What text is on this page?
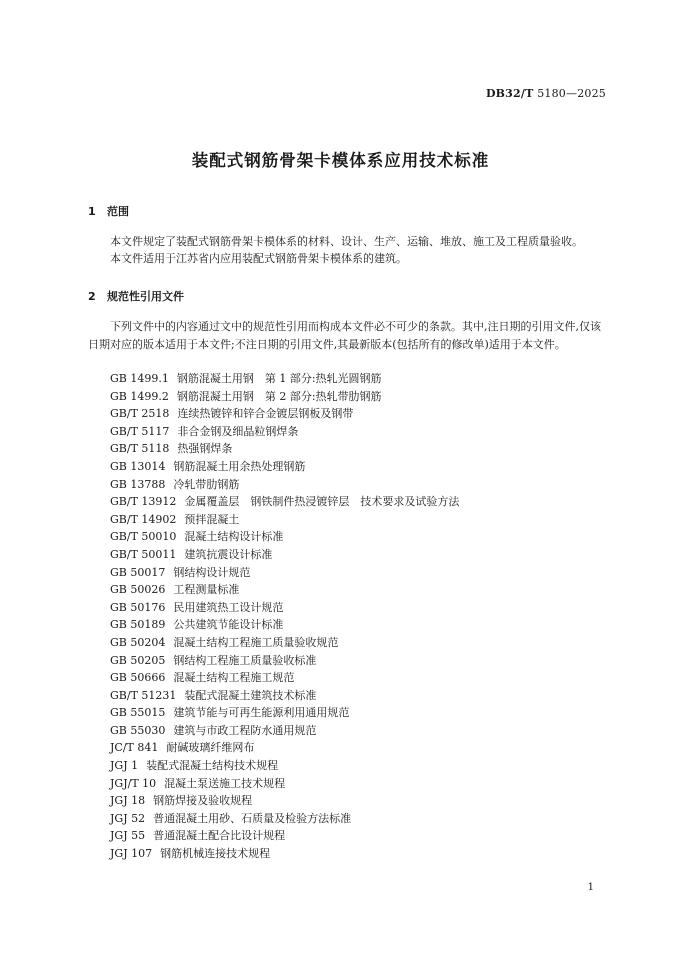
DB32/T 5180—2025
装配式钢筋骨架卡模体系应用技术标准
1 范围
本文件规定了装配式钢筋骨架卡模体系的材料、设计、生产、运输、堆放、施工及工程质量验收。
本文件适用于江苏省内应用装配式钢筋骨架卡模体系的建筑。
2 规范性引用文件
下列文件中的内容通过文中的规范性引用而构成本文件必不可少的条款。其中,注日期的引用文件,仅该日期对应的版本适用于本文件;不注日期的引用文件,其最新版本(包括所有的修改单)适用于本文件。
GB 1499.1 钢筋混凝土用钢　第 1 部分:热轧光圆钢筋
GB 1499.2 钢筋混凝土用钢　第 2 部分:热轧带肋钢筋
GB/T 2518 连续热镀锌和锌合金镀层钢板及钢带
GB/T 5117 非合金钢及细晶粒钢焊条
GB/T 5118 热强钢焊条
GB 13014 钢筋混凝土用余热处理钢筋
GB 13788 冷轧带肋钢筋
GB/T 13912 金属覆盖层　钢铁制件热浸镀锌层　技术要求及试验方法
GB/T 14902 预拌混凝土
GB/T 50010 混凝土结构设计标准
GB/T 50011 建筑抗震设计标准
GB 50017 钢结构设计规范
GB 50026 工程测量标准
GB 50176 民用建筑热工设计规范
GB 50189 公共建筑节能设计标准
GB 50204 混凝土结构工程施工质量验收规范
GB 50205 钢结构工程施工质量验收标准
GB 50666 混凝土结构工程施工规范
GB/T 51231 装配式混凝土建筑技术标准
GB 55015 建筑节能与可再生能源利用通用规范
GB 55030 建筑与市政工程防水通用规范
JC/T 841 耐碱玻璃纤维网布
JGJ 1 装配式混凝土结构技术规程
JGJ/T 10 混凝土泵送施工技术规程
JGJ 18 钢筋焊接及验收规程
JGJ 52 普通混凝土用砂、石质量及检验方法标准
JGJ 55 普通混凝土配合比设计规程
JGJ 107 钢筋机械连接技术规程
1
